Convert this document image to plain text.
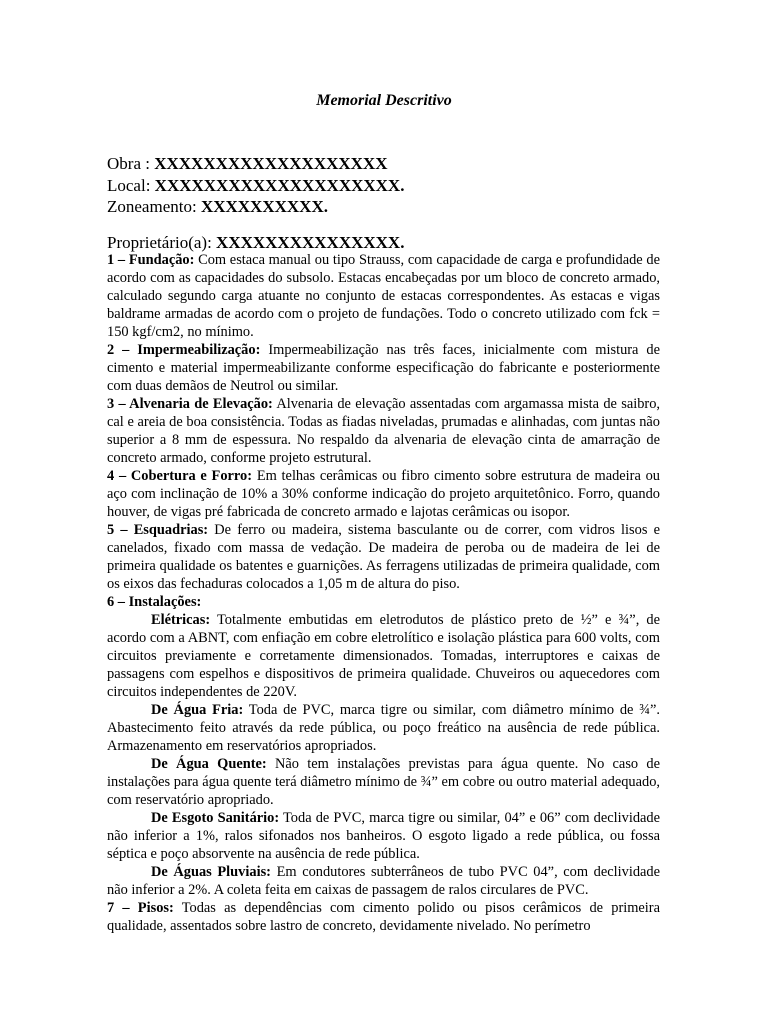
Memorial Descritivo
Obra : XXXXXXXXXXXXXXXXXXX
Local: XXXXXXXXXXXXXXXXXXXX.
Zoneamento: XXXXXXXXXX.
Proprietário(a): XXXXXXXXXXXXXXX.

1 – Fundação: Com estaca manual ou tipo Strauss, com capacidade de carga e profundidade de acordo com as capacidades do subsolo. Estacas encabeçadas por um bloco de concreto armado, calculado segundo carga atuante no conjunto de estacas correspondentes. As estacas e vigas baldrame armadas de acordo com o projeto de fundações. Todo o concreto utilizado com fck = 150 kgf/cm2, no mínimo.

2 – Impermeabilização: Impermeabilização nas três faces, inicialmente com mistura de cimento e material impermeabilizante conforme especificação do fabricante e posteriormente com duas demãos de Neutrol ou similar.

3 – Alvenaria de Elevação: Alvenaria de elevação assentadas com argamassa mista de saibro, cal e areia de boa consistência. Todas as fiadas niveladas, prumadas e alinhadas, com juntas não superior a 8 mm de espessura. No respaldo da alvenaria de elevação cinta de amarração de concreto armado, conforme projeto estrutural.

4 – Cobertura e Forro: Em telhas cerâmicas ou fibro cimento sobre estrutura de madeira ou aço com inclinação de 10% a 30% conforme indicação do projeto arquitetônico. Forro, quando houver, de vigas pré fabricada de concreto armado e lajotas cerâmicas ou isopor.

5 – Esquadrias: De ferro ou madeira, sistema basculante ou de correr, com vidros lisos e canelados, fixado com massa de vedação. De madeira de peroba ou de madeira de lei de primeira qualidade os batentes e guarnições. As ferragens utilizadas de primeira qualidade, com os eixos das fechaduras colocados a 1,05 m de altura do piso.

6 – Instalações:

Elétricas: Totalmente embutidas em eletrodutos de plástico preto de ½” e ¾”, de acordo com a ABNT, com enfiação em cobre eletrolítico e isolação plástica para 600 volts, com circuitos previamente e corretamente dimensionados. Tomadas, interruptores e caixas de passagens com espelhos e dispositivos de primeira qualidade. Chuveiros ou aquecedores com circuitos independentes de 220V.

De Água Fria: Toda de PVC, marca tigre ou similar, com diâmetro mínimo de ¾”. Abastecimento feito através da rede pública, ou poço freático na ausência de rede pública. Armazenamento em reservatórios apropriados.

De Água Quente: Não tem instalações previstas para água quente. No caso de instalações para água quente terá diâmetro mínimo de ¾” em cobre ou outro material adequado, com reservatório apropriado.

De Esgoto Sanitário: Toda de PVC, marca tigre ou similar, 04” e 06” com declividade não inferior a 1%, ralos sifonados nos banheiros. O esgoto ligado a rede pública, ou fossa séptica e poço absorvente na ausência de rede pública.

De Águas Pluviais: Em condutores subterrâneos de tubo PVC 04”, com declividade não inferior a 2%. A coleta feita em caixas de passagem de ralos circulares de PVC.

7 – Pisos: Todas as dependências com cimento polido ou pisos cerâmicos de primeira qualidade, assentados sobre lastro de concreto, devidamente nivelado. No perímetro
